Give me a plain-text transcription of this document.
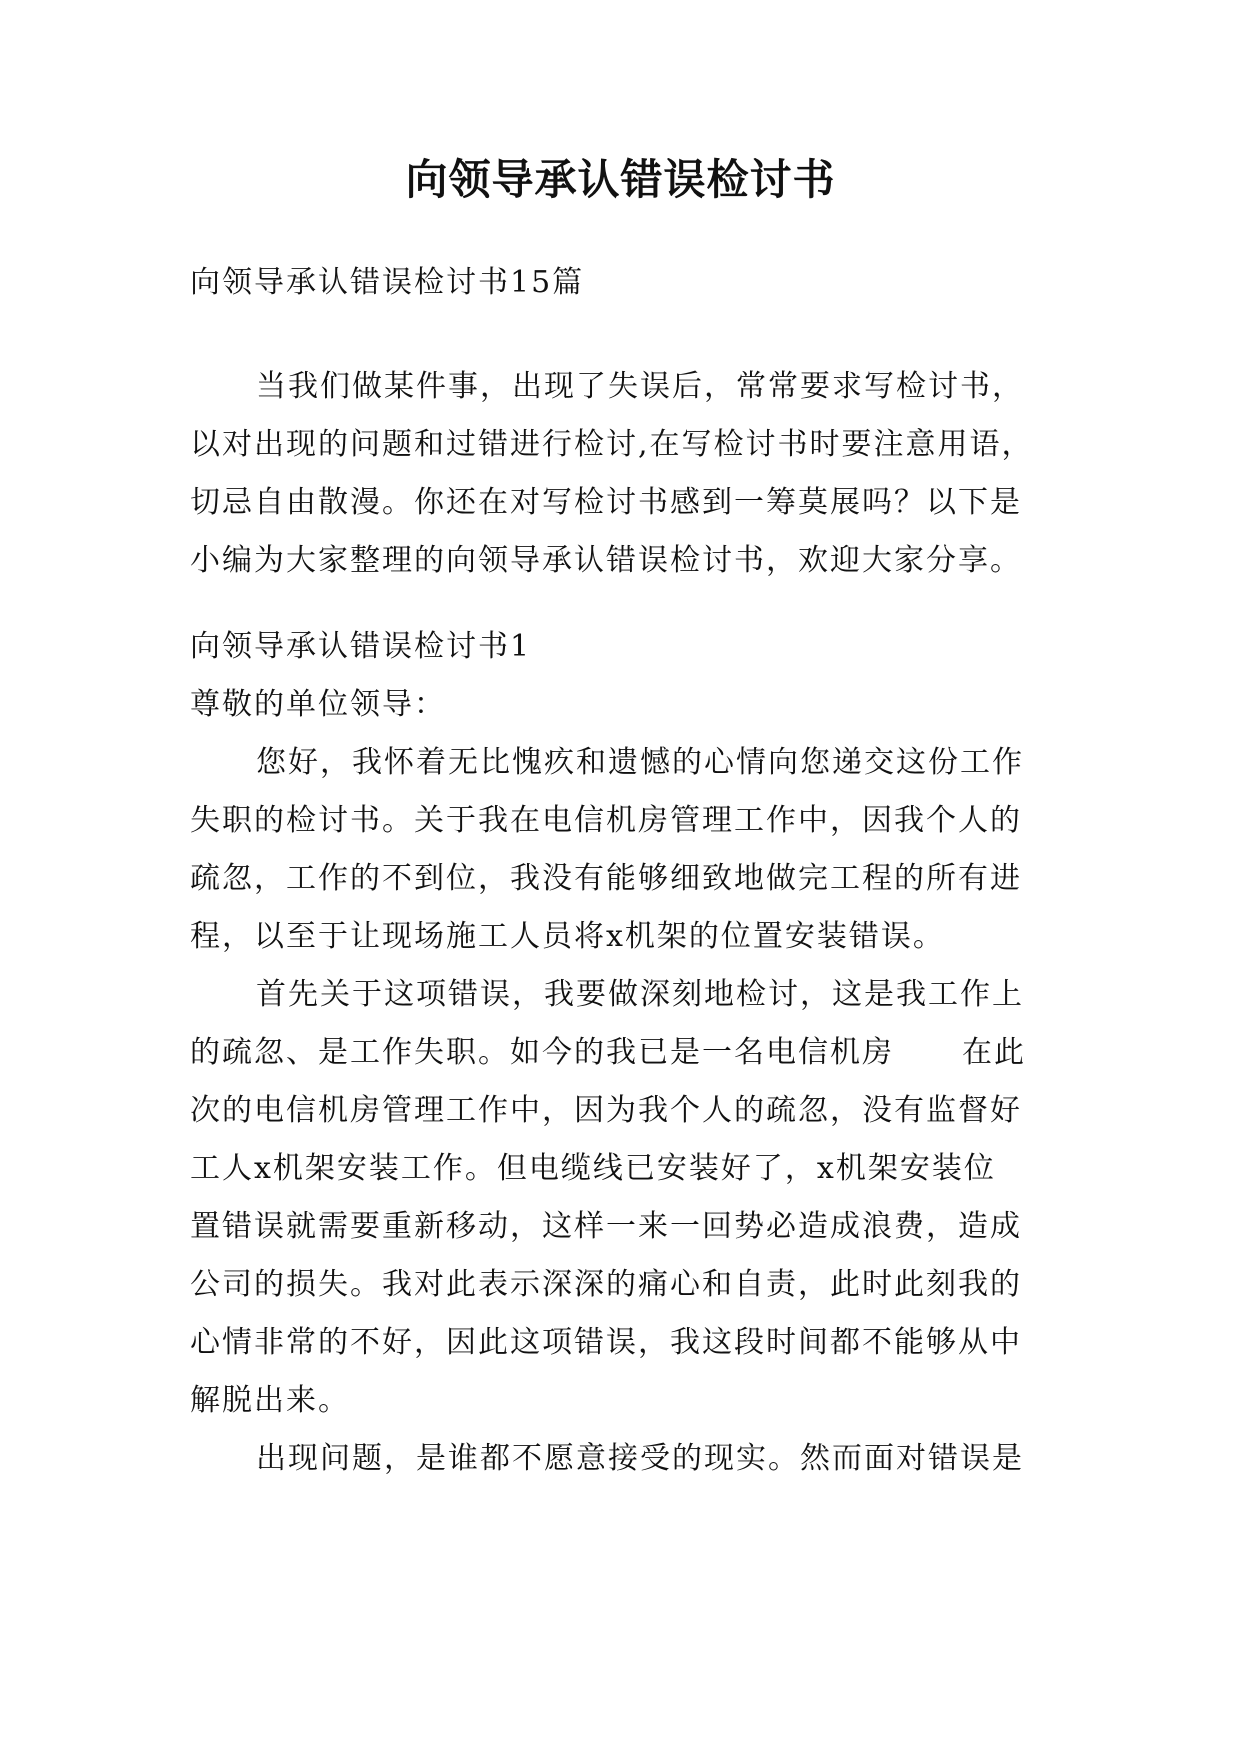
向领导承认错误检讨书
向领导承认错误检讨书15篇
当我们做某件事，出现了失误后，常常要求写检讨书，
以对出现的问题和过错进行检讨,在写检讨书时要注意用语，
切忌自由散漫。你还在对写检讨书感到一筹莫展吗？以下是
小编为大家整理的向领导承认错误检讨书，欢迎大家分享。
向领导承认错误检讨书1
尊敬的单位领导：
您好，我怀着无比愧疚和遗憾的心情向您递交这份工作
失职的检讨书。关于我在电信机房管理工作中，因我个人的
疏忽，工作的不到位，我没有能够细致地做完工程的所有进
程，以至于让现场施工人员将x机架的位置安装错误。
首先关于这项错误，我要做深刻地检讨，这是我工作上
的疏忽、是工作失职。如今的我已是一名电信机房 在此
次的电信机房管理工作中，因为我个人的疏忽，没有监督好
工人x机架安装工作。但电缆线已安装好了，x机架安装位
置错误就需要重新移动，这样一来一回势必造成浪费，造成
公司的损失。我对此表示深深的痛心和自责，此时此刻我的
心情非常的不好，因此这项错误，我这段时间都不能够从中
解脱出来。
出现问题，是谁都不愿意接受的现实。然而面对错误是
